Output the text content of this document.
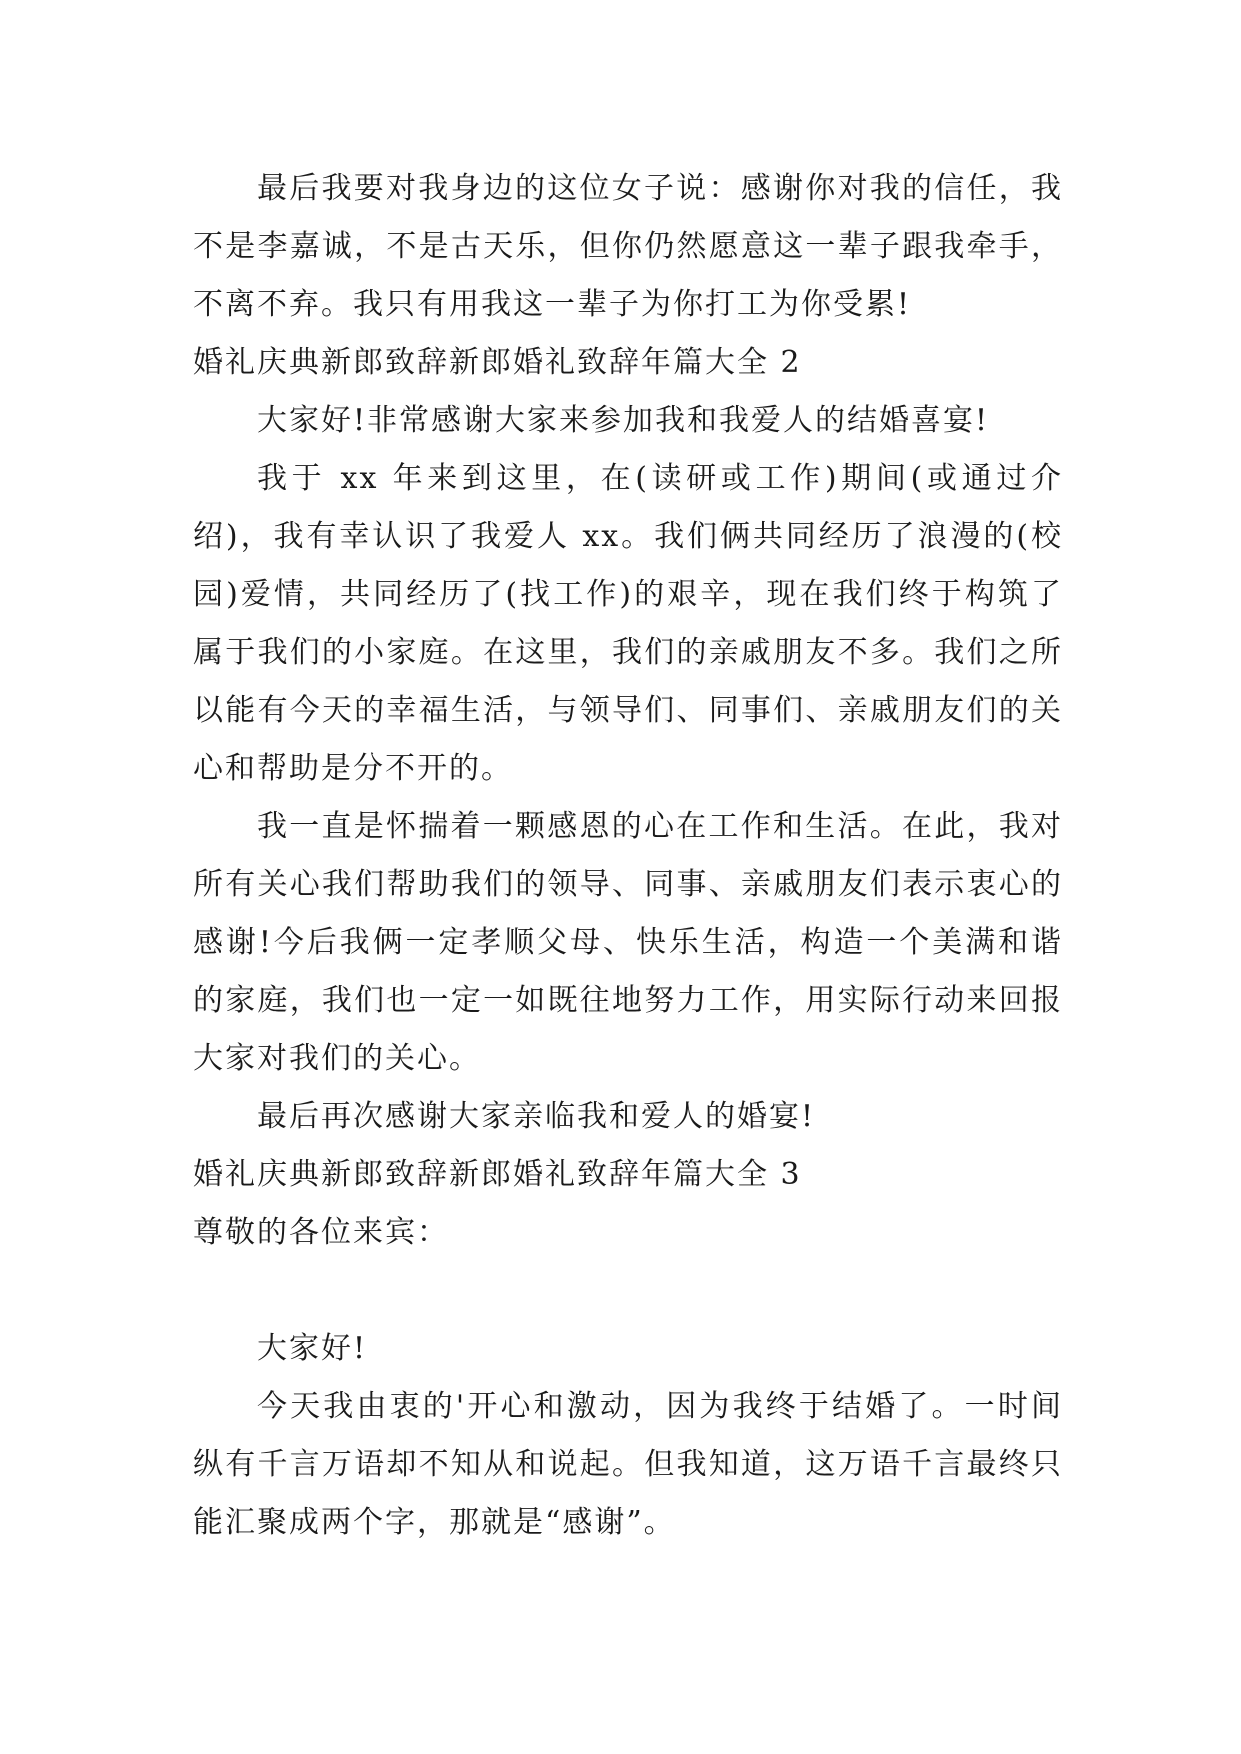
最后我要对我身边的这位女子说：感谢你对我的信任，我不是李嘉诚，不是古天乐，但你仍然愿意这一辈子跟我牵手，不离不弃。我只有用我这一辈子为你打工为你受累!

婚礼庆典新郎致辞新郎婚礼致辞年篇大全 2

大家好!非常感谢大家来参加我和我爱人的结婚喜宴!

我于 xx 年来到这里，在(读研或工作)期间(或通过介绍)，我有幸认识了我爱人 xx。我们俩共同经历了浪漫的(校园)爱情，共同经历了(找工作)的艰辛，现在我们终于构筑了属于我们的小家庭。在这里，我们的亲戚朋友不多。我们之所以能有今天的幸福生活，与领导们、同事们、亲戚朋友们的关心和帮助是分不开的。

我一直是怀揣着一颗感恩的心在工作和生活。在此，我对所有关心我们帮助我们的领导、同事、亲戚朋友们表示衷心的感谢!今后我俩一定孝顺父母、快乐生活，构造一个美满和谐的家庭，我们也一定一如既往地努力工作，用实际行动来回报大家对我们的关心。

最后再次感谢大家亲临我和爱人的婚宴!

婚礼庆典新郎致辞新郎婚礼致辞年篇大全 3

尊敬的各位来宾：

大家好!

今天我由衷的'开心和激动，因为我终于结婚了。一时间纵有千言万语却不知从和说起。但我知道，这万语千言最终只能汇聚成两个字，那就是“感谢”。
